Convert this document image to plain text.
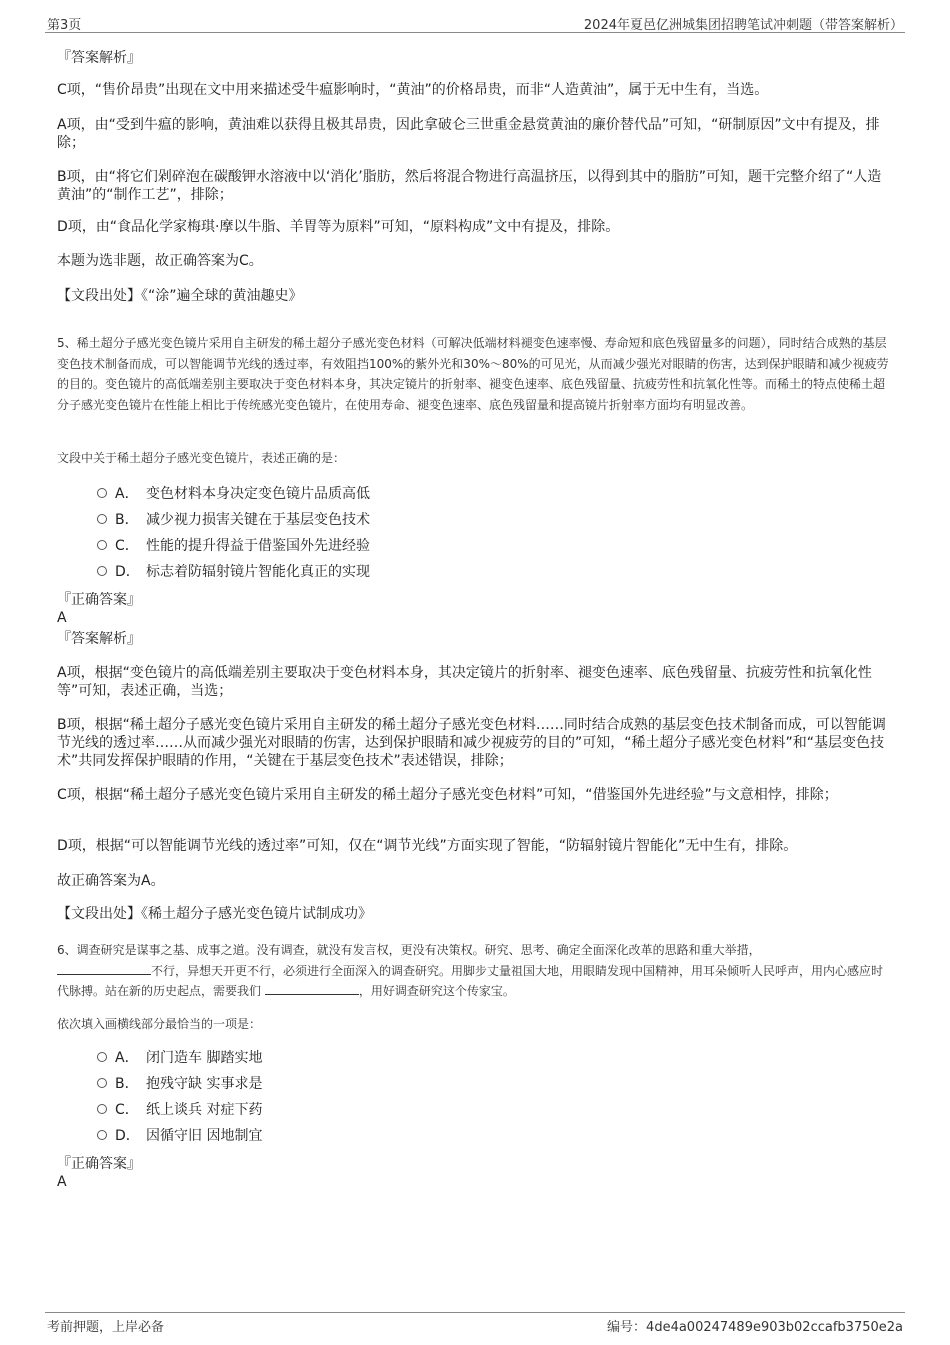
第3页	2024年夏邑亿洲城集团招聘笔试冲刺题（带答案解析）

『答案解析』

C项，“售价昂贵”出现在文中用来描述受牛瘟影响时，“黄油”的价格昂贵，而非“人造黄油”，属于无中生有，当选。

A项，由“受到牛瘟的影响，黄油难以获得且极其昂贵，因此拿破仑三世重金悬赏黄油的廉价替代品”可知，“研制原因”文中有提及，排除；

B项，由“将它们剁碎泡在碳酸钾水溶液中以‘消化’脂肪，然后将混合物进行高温挤压，以得到其中的脂肪”可知，题干完整介绍了“人造黄油”的“制作工艺”，排除；

D项，由“食品化学家梅琪·摩以牛脂、羊胃等为原料”可知，“原料构成”文中有提及，排除。

本题为选非题，故正确答案为C。

【文段出处】《“涂”遍全球的黄油趣史》

5、稀土超分子感光变色镜片采用自主研发的稀土超分子感光变色材料（可解决低端材料褪变色速率慢、寿命短和底色残留量多的问题），同时结合成熟的基层变色技术制备而成，可以智能调节光线的透过率，有效阻挡100%的紫外光和30%～80%的可见光，从而减少强光对眼睛的伤害，达到保护眼睛和减少视疲劳的目的。变色镜片的高低端差别主要取决于变色材料本身，其决定镜片的折射率、褪变色速率、底色残留量、抗疲劳性和抗氧化性等。而稀土的特点使稀土超分子感光变色镜片在性能上相比于传统感光变色镜片，在使用寿命、褪变色速率、底色残留量和提高镜片折射率方面均有明显改善。

文段中关于稀土超分子感光变色镜片，表述正确的是：

A． 变色材料本身决定变色镜片品质高低
B． 减少视力损害关键在于基层变色技术
C． 性能的提升得益于借鉴国外先进经验
D． 标志着防辐射镜片智能化真正的实现

『正确答案』

A

『答案解析』

A项，根据“变色镜片的高低端差别主要取决于变色材料本身，其决定镜片的折射率、褪变色速率、底色残留量、抗疲劳性和抗氧化性等”可知，表述正确，当选；

B项，根据“稀土超分子感光变色镜片采用自主研发的稀土超分子感光变色材料……同时结合成熟的基层变色技术制备而成，可以智能调节光线的透过率……从而减少强光对眼睛的伤害，达到保护眼睛和减少视疲劳的目的”可知，“稀土超分子感光变色材料”和“基层变色技术”共同发挥保护眼睛的作用，“关键在于基层变色技术”表述错误，排除；

C项，根据“稀土超分子感光变色镜片采用自主研发的稀土超分子感光变色材料”可知，“借鉴国外先进经验”与文意相悖，排除；

D项，根据“可以智能调节光线的透过率”可知，仅在“调节光线”方面实现了智能，“防辐射镜片智能化”无中生有，排除。

故正确答案为A。

【文段出处】《稀土超分子感光变色镜片试制成功》

6、调查研究是谋事之基、成事之道。没有调查，就没有发言权，更没有决策权。研究、思考、确定全面深化改革的思路和重大举措，
不行，异想天开更不行，必须进行全面深入的调查研究。用脚步丈量祖国大地，用眼睛发现中国精神，用耳朵倾听人民呼声，用内心感应时代脉搏。站在新的历史起点，需要我们	，用好调查研究这个传家宝。

依次填入画横线部分最恰当的一项是：

A． 闭门造车 脚踏实地
B． 抱残守缺 实事求是
C． 纸上谈兵 对症下药
D． 因循守旧 因地制宜

『正确答案』

A

考前押题，上岸必备	编号：4de4a00247489e903b02ccafb3750e2a
